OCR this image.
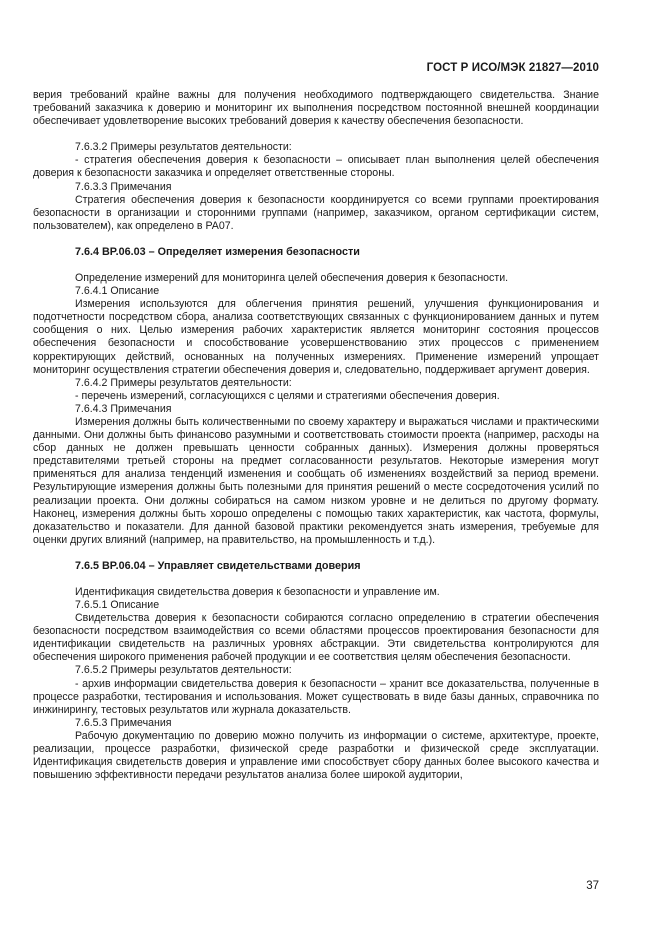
ГОСТ Р ИСО/МЭК 21827—2010

верия требований крайне важны для получения необходимого подтверждающего свидетельства. Знание требований заказчика к доверию и мониторинг их выполнения посредством постоянной внешней координации обеспечивает удовлетворение высоких требований доверия к качеству обеспечения безопасности.

7.6.3.2 Примеры результатов деятельности:

- стратегия обеспечения доверия к безопасности – описывает план выполнения целей обеспечения доверия к безопасности заказчика и определяет ответственные стороны.

7.6.3.3 Примечания

Стратегия обеспечения доверия к безопасности координируется со всеми группами проектирования безопасности в организации и сторонними группами (например, заказчиком, органом сертификации систем, пользователем), как определено в PA07.

7.6.4 BP.06.03 – Определяет измерения безопасности

Определение измерений для мониторинга целей обеспечения доверия к безопасности.

7.6.4.1 Описание

Измерения используются для облегчения принятия решений, улучшения функционирования и подотчетности посредством сбора, анализа соответствующих связанных с функционированием данных и путем сообщения о них. Целью измерения рабочих характеристик является мониторинг состояния процессов обеспечения безопасности и способствование усовершенствованию этих процессов с применением корректирующих действий, основанных на полученных измерениях. Применение измерений упрощает мониторинг осуществления стратегии обеспечения доверия и, следовательно, поддерживает аргумент доверия.

7.6.4.2 Примеры результатов деятельности:

- перечень измерений, согласующихся с целями и стратегиями обеспечения доверия.

7.6.4.3 Примечания

Измерения должны быть количественными по своему характеру и выражаться числами и практическими данными. Они должны быть финансово разумными и соответствовать стоимости проекта (например, расходы на сбор данных не должен превышать ценности собранных данных). Измерения должны проверяться представителями третьей стороны на предмет согласованности результатов. Некоторые измерения могут применяться для анализа тенденций изменения и сообщать об изменениях воздействий за период времени. Результирующие измерения должны быть полезными для принятия решений о месте сосредоточения усилий по реализации проекта. Они должны собираться на самом низком уровне и не делиться по другому формату. Наконец, измерения должны быть хорошо определены с помощью таких характеристик, как частота, формулы, доказательство и показатели. Для данной базовой практики рекомендуется знать измерения, требуемые для оценки других влияний (например, на правительство, на промышленность и т.д.).

7.6.5 BP.06.04 – Управляет свидетельствами доверия

Идентификация свидетельства доверия к безопасности и управление им.

7.6.5.1 Описание

Свидетельства доверия к безопасности собираются согласно определению в стратегии обеспечения безопасности посредством взаимодействия со всеми областями процессов проектирования безопасности для идентификации свидетельств на различных уровнях абстракции. Эти свидетельства контролируются для обеспечения широкого применения рабочей продукции и ее соответствия целям обеспечения безопасности.

7.6.5.2 Примеры результатов деятельности:

- архив информации свидетельства доверия к безопасности – хранит все доказательства, полученные в процессе разработки, тестирования и использования. Может существовать в виде базы данных, справочника по инжинирингу, тестовых результатов или журнала доказательств.

7.6.5.3 Примечания

Рабочую документацию по доверию можно получить из информации о системе, архитектуре, проекте, реализации, процессе разработки, физической среде разработки и физической среде эксплуатации. Идентификация свидетельств доверия и управление ими способствует сбору данных более высокого качества и повышению эффективности передачи результатов анализа более широкой аудитории,

37
